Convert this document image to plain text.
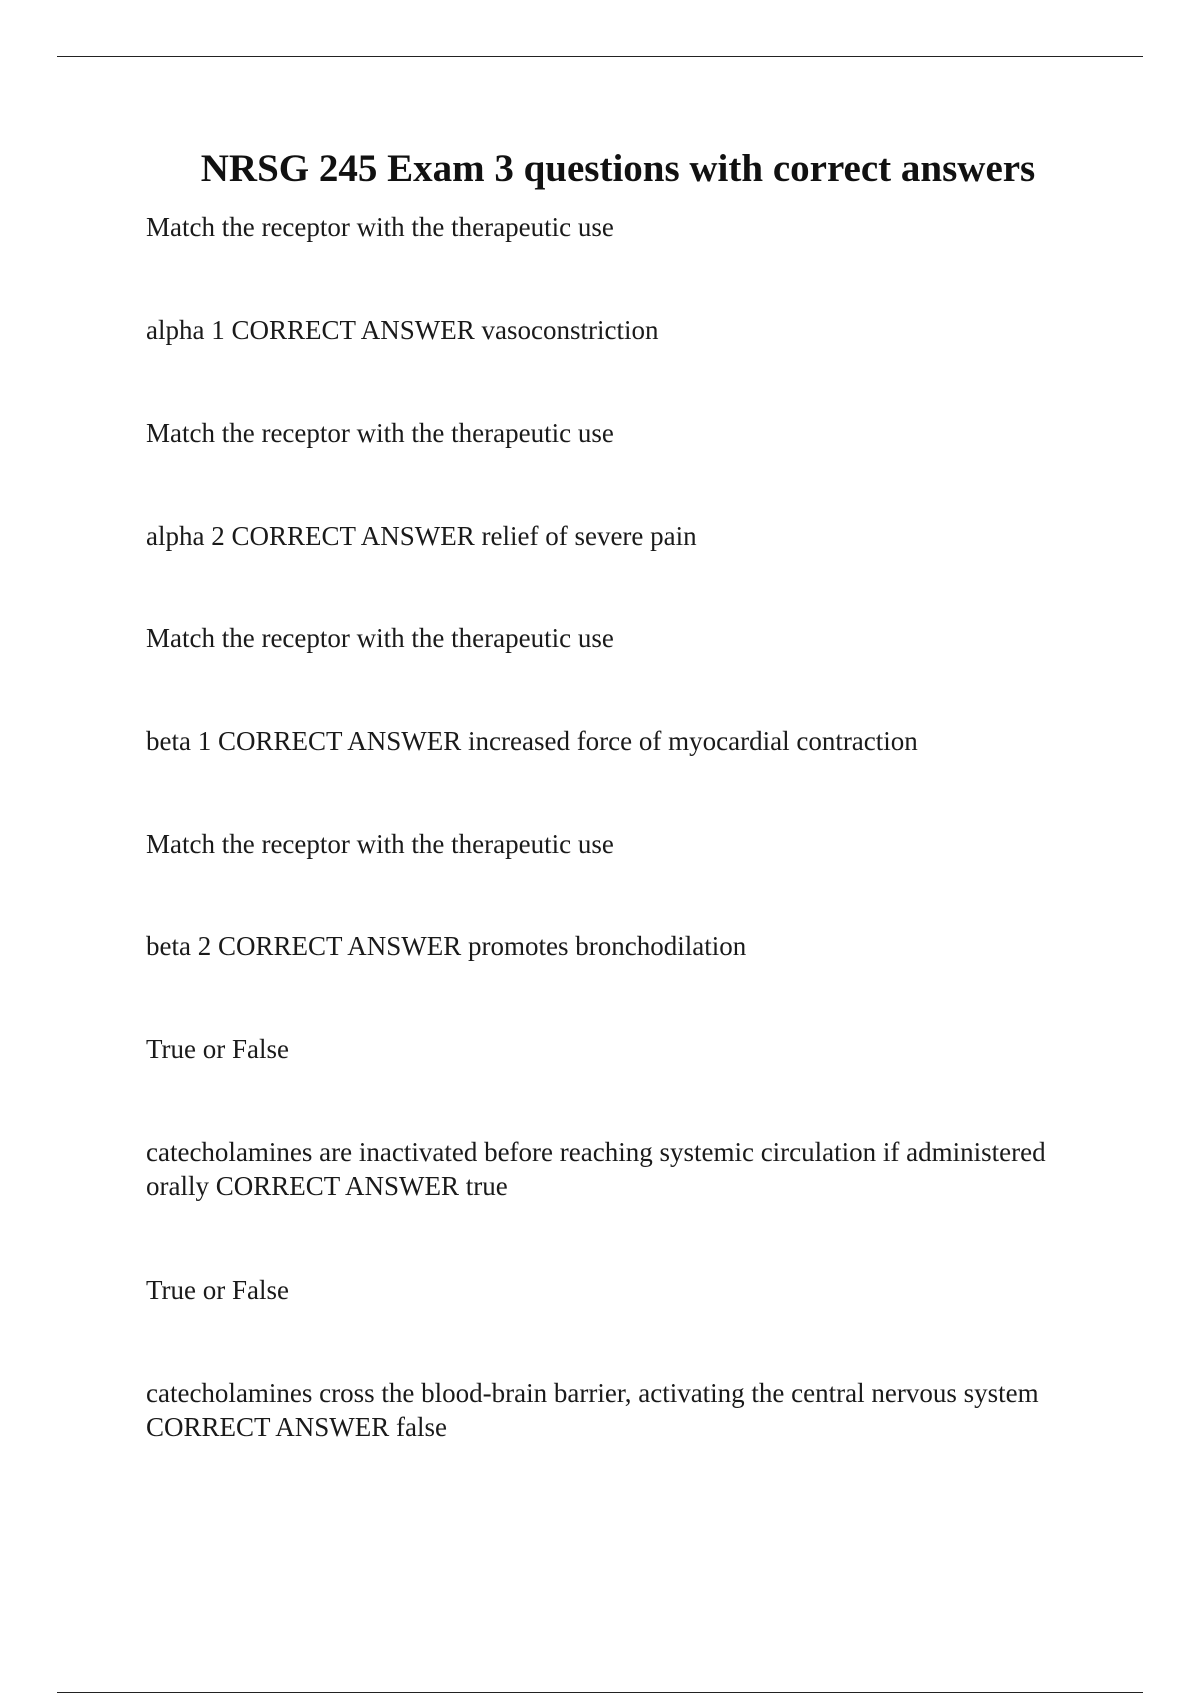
NRSG 245 Exam 3 questions with correct answers

Match the receptor with the therapeutic use

alpha 1 CORRECT ANSWER vasoconstriction

Match the receptor with the therapeutic use

alpha 2 CORRECT ANSWER relief of severe pain

Match the receptor with the therapeutic use

beta 1 CORRECT ANSWER increased force of myocardial contraction

Match the receptor with the therapeutic use

beta 2 CORRECT ANSWER promotes bronchodilation

True or False

catecholamines are inactivated before reaching systemic circulation if administered
orally CORRECT ANSWER true

True or False

catecholamines cross the blood-brain barrier, activating the central nervous system
CORRECT ANSWER false
